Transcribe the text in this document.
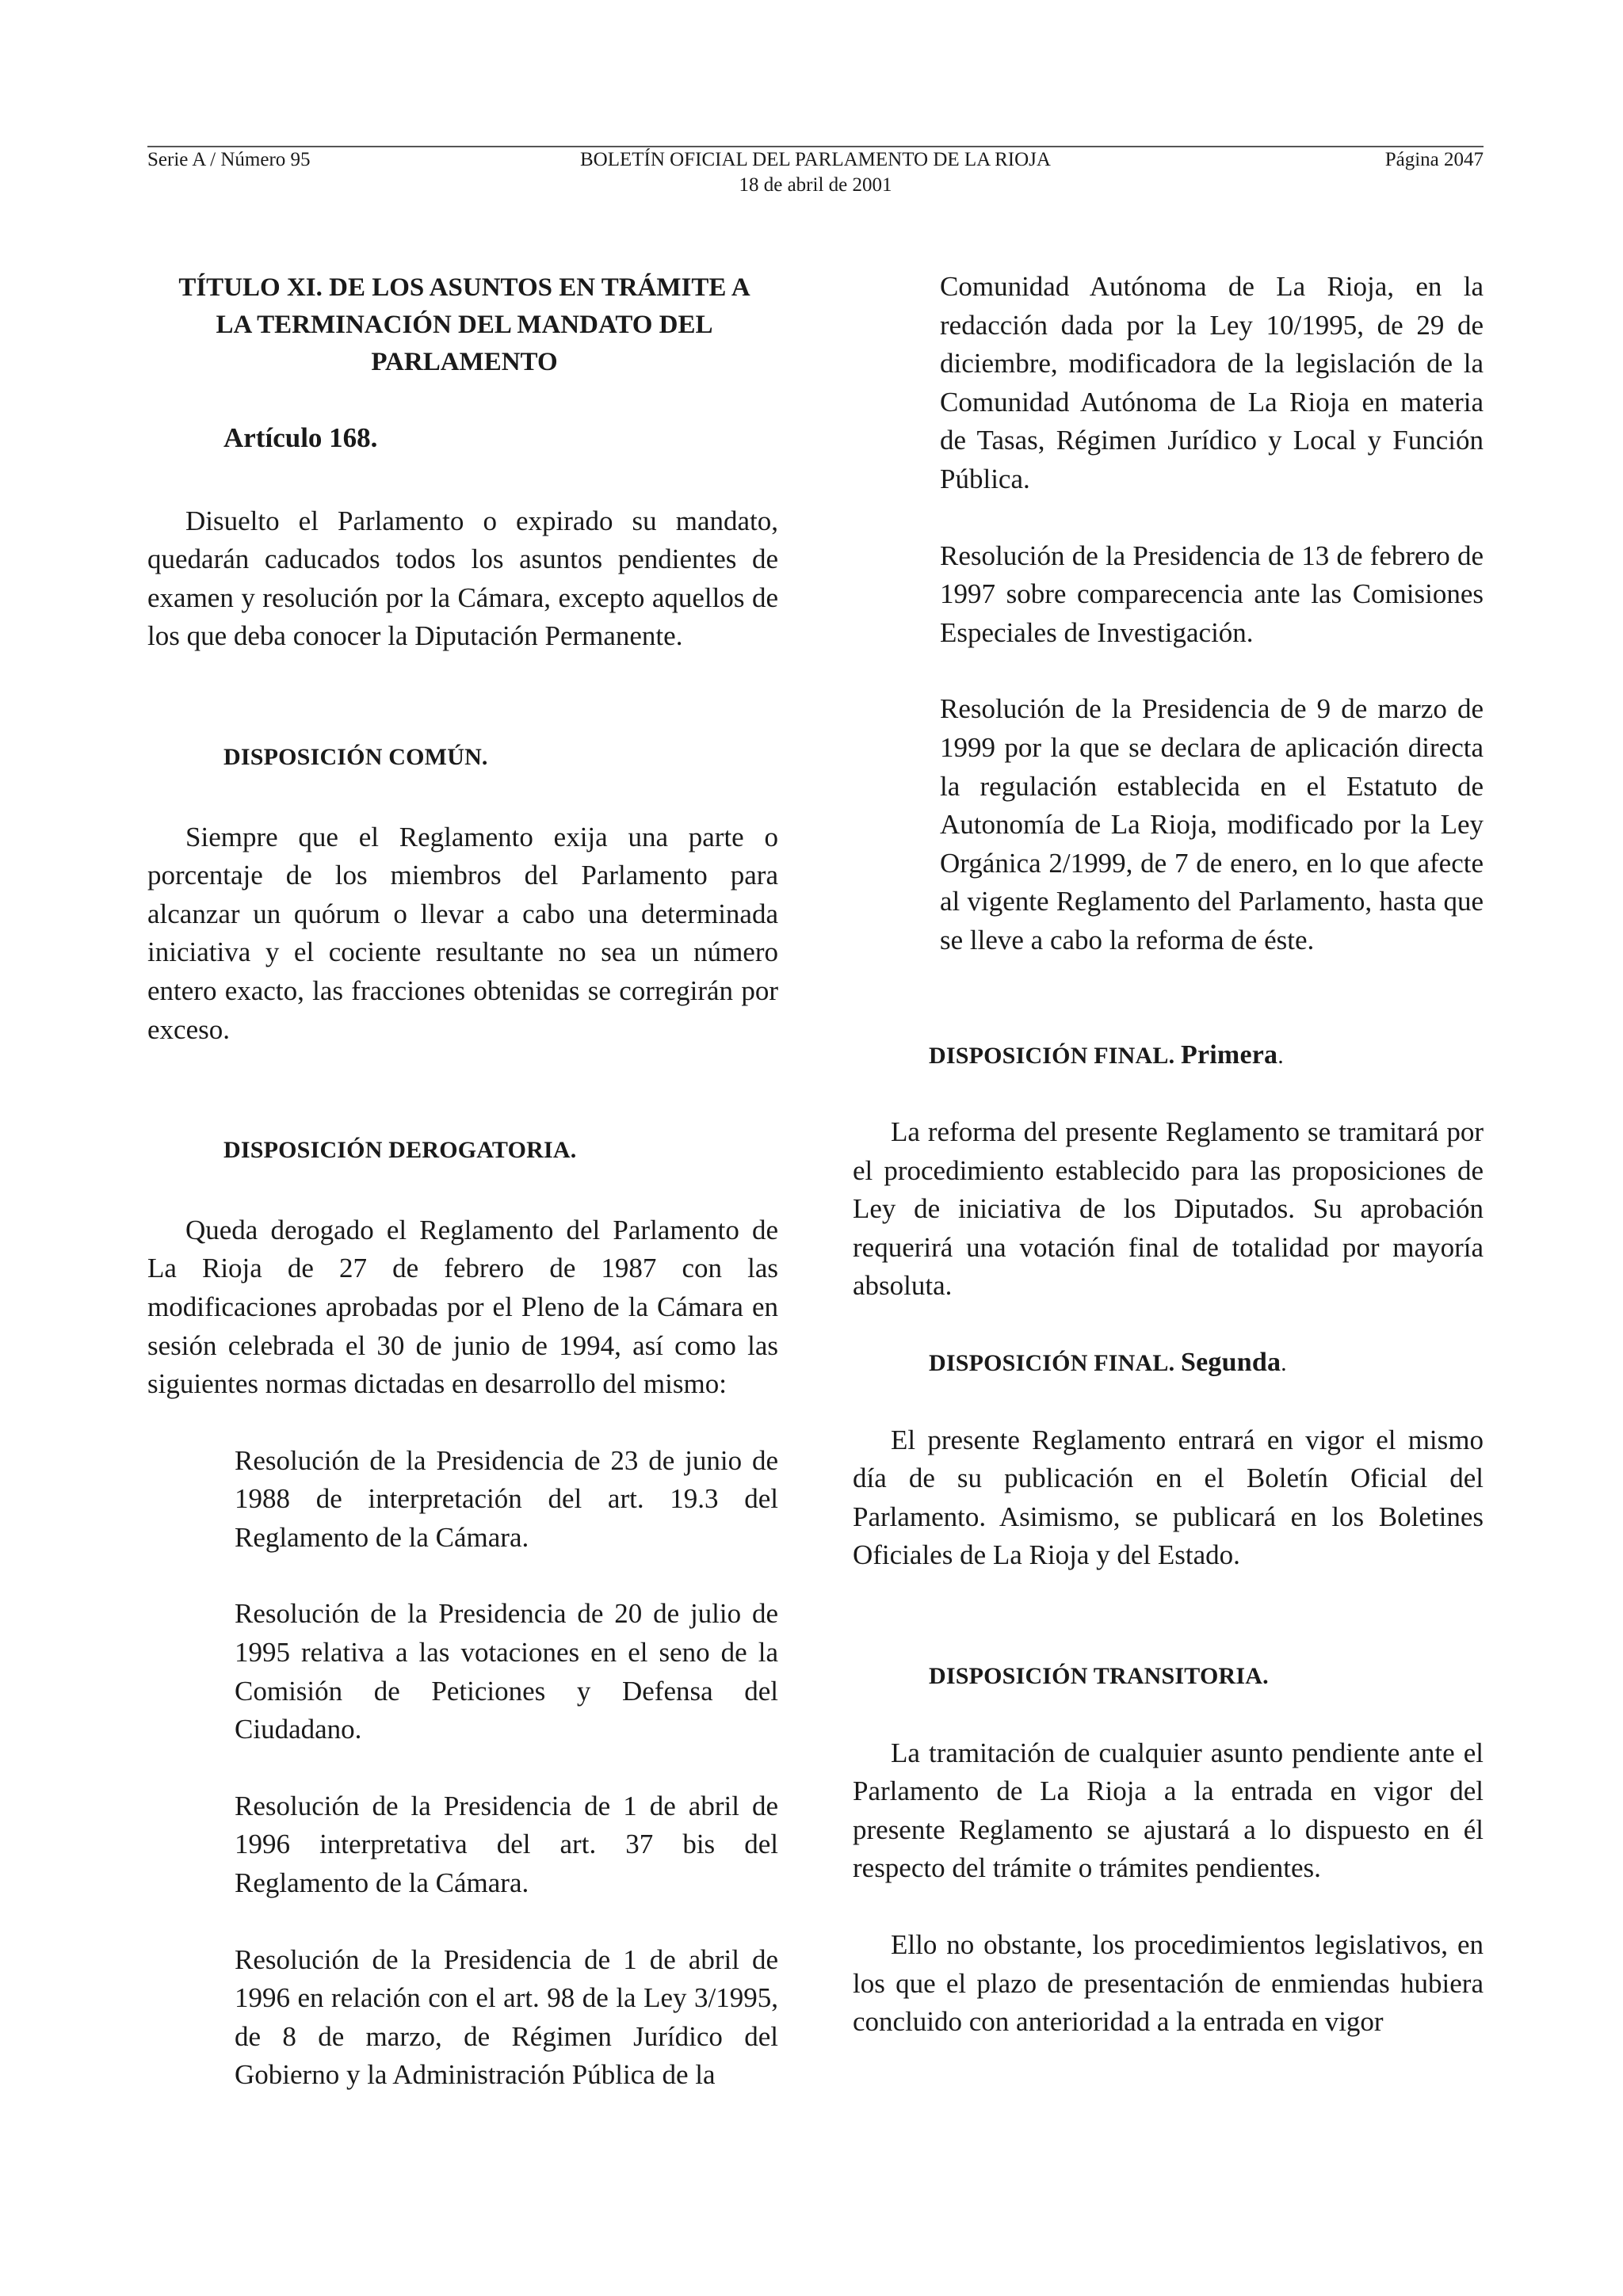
Serie A / Número 95	BOLETÍN OFICIAL DEL PARLAMENTO DE LA RIOJA
18 de abril de 2001
Página 2047
TÍTULO XI. DE LOS ASUNTOS EN TRÁMITE A LA TERMINACIÓN DEL MANDATO DEL PARLAMENTO

Artículo 168.

Disuelto el Parlamento o expirado su mandato, quedarán caducados todos los asuntos pendientes de examen y resolución por la Cámara, excepto aquellos de los que deba conocer la Diputación Permanente.

DISPOSICIÓN COMÚN.

Siempre que el Reglamento exija una parte o porcentaje de los miembros del Parlamento para alcanzar un quórum o llevar a cabo una determinada iniciativa y el cociente resultante no sea un número entero exacto, las fracciones obtenidas se corregirán por exceso.

DISPOSICIÓN DEROGATORIA.

Queda derogado el Reglamento del Parlamento de La Rioja de 27 de febrero de 1987 con las modificaciones aprobadas por el Pleno de la Cámara en sesión celebrada el 30 de junio de 1994, así como las siguientes normas dictadas en desarrollo del mismo:

Resolución de la Presidencia de 23 de junio de 1988 de interpretación del art. 19.3 del Reglamento de la Cámara.

Resolución de la Presidencia de 20 de julio de 1995 relativa a las votaciones en el seno de la Comisión de Peticiones y Defensa del Ciudadano.

Resolución de la Presidencia de 1 de abril de 1996 interpretativa del art. 37 bis del Reglamento de la Cámara.

Resolución de la Presidencia de 1 de abril de 1996 en relación con el art. 98 de la Ley 3/1995, de 8 de marzo, de Régimen Jurídico del Gobierno y la Administración Pública de la

Comunidad Autónoma de La Rioja, en la redacción dada por la Ley 10/1995, de 29 de diciembre, modificadora de la legislación de la Comunidad Autónoma de La Rioja en materia de Tasas, Régimen Jurídico y Local y Función Pública.

Resolución de la Presidencia de 13 de febrero de 1997 sobre comparecencia ante las Comisiones Especiales de Investigación.

Resolución de la Presidencia de 9 de marzo de 1999 por la que se declara de aplicación directa la regulación establecida en el Estatuto de Autonomía de La Rioja, modificado por la Ley Orgánica 2/1999, de 7 de enero, en lo que afecte al vigente Reglamento del Parlamento, hasta que se lleve a cabo la reforma de éste.

DISPOSICIÓN FINAL. Primera.

La reforma del presente Reglamento se tramitará por el procedimiento establecido para las proposiciones de Ley de iniciativa de los Diputados. Su aprobación requerirá una votación final de totalidad por mayoría absoluta.

DISPOSICIÓN FINAL. Segunda.

El presente Reglamento entrará en vigor el mismo día de su publicación en el Boletín Oficial del Parlamento. Asimismo, se publicará en los Boletines Oficiales de La Rioja y del Estado.

DISPOSICIÓN TRANSITORIA.

La tramitación de cualquier asunto pendiente ante el Parlamento de La Rioja a la entrada en vigor del presente Reglamento se ajustará a lo dispuesto en él respecto del trámite o trámites pendientes.

Ello no obstante, los procedimientos legislativos, en los que el plazo de presentación de enmiendas hubiera concluido con anterioridad a la entrada en vigor
